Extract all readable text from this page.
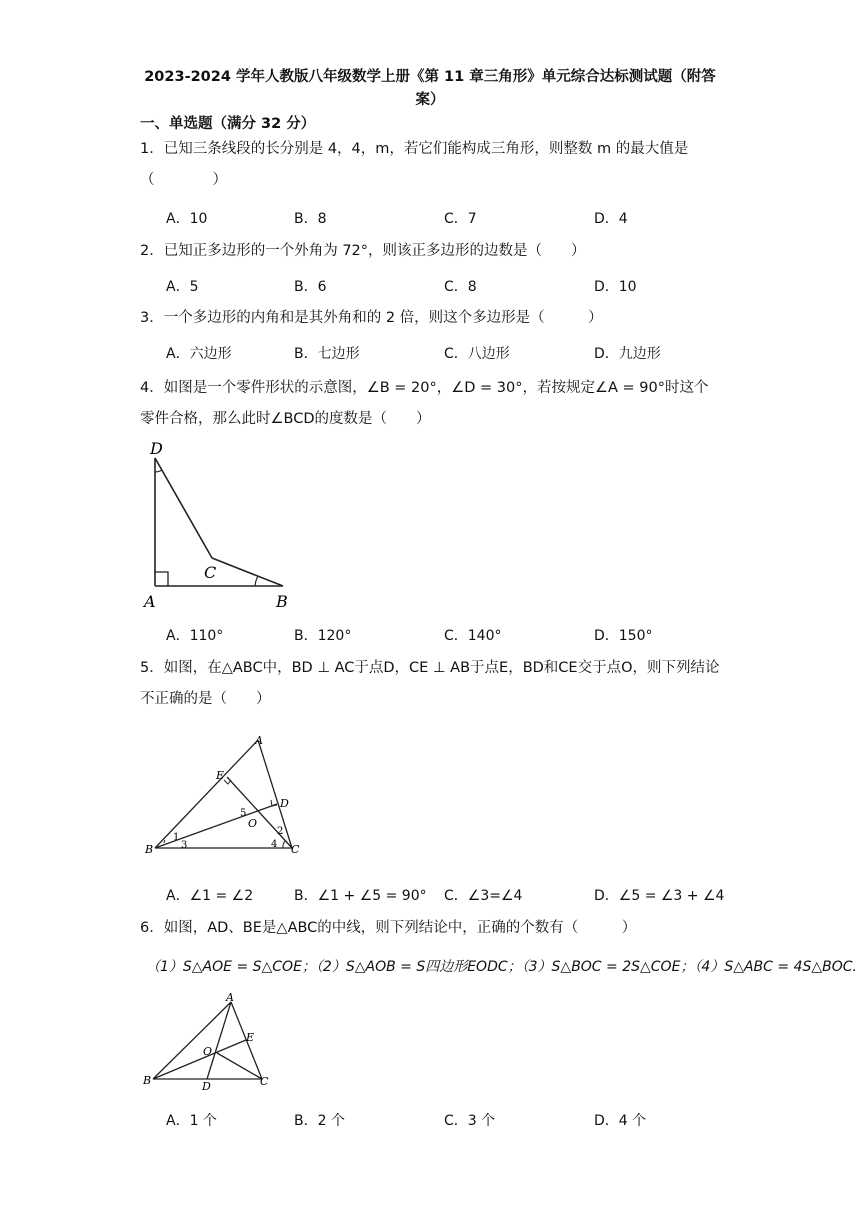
2023-2024 学年人教版八年级数学上册《第 11 章三角形》单元综合达标测试题（附答案）
一、单选题（满分 32 分）
1．已知三条线段的长分别是 4，4，m，若它们能构成三角形，则整数 m 的最大值是（　　　　）
A．10	B．8	C．7	D．4
2．已知正多边形的一个外角为 72°，则该正多边形的边数是（　　）
A．5	B．6	C．8	D．10
3．一个多边形的内角和是其外角和的 2 倍，则这个多边形是（　　　）
A．六边形	B．七边形	C．八边形	D．九边形
4．如图是一个零件形状的示意图，∠B = 20°，∠D = 30°，若按规定∠A = 90°时这个零件合格，那么此时∠BCD的度数是（　　）
D
C
A	B
A．110°	B．120°	C．140°	D．150°
5．如图，在△ABC中，BD ⊥ AC于点D，CE ⊥ AB于点E，BD和CE交于点O，则下列结论不正确的是（　　）
A
E
D
O
B	C
1
2
3	4
5
A．∠1 = ∠2	B．∠1 + ∠5 = 90° C．∠3=∠4	D．∠5 = ∠3 + ∠4
6．如图，AD、BE是△ABC的中线，则下列结论中，正确的个数有（　　　）
（1）S△AOE = S△COE；（2）S△AOB = S四边形EODC；（3）S△BOC = 2S△COE；（4）S△ABC = 4S△BOC.
A
E
O
B	D	C
A．1 个	B．2 个	C．3 个	D．4 个
